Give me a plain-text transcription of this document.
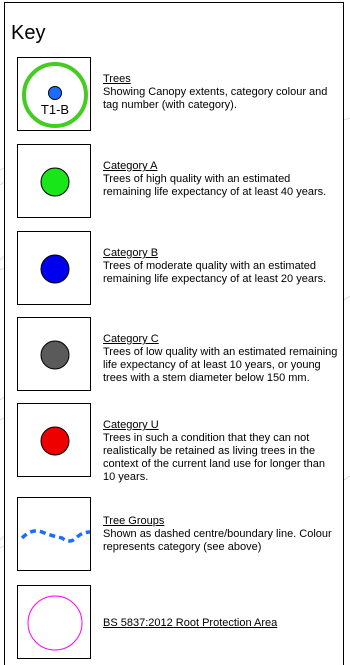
Key
T1-B
Trees
Showing Canopy extents, category colour and tag number (with category).
Category A
Trees of high quality with an estimated remaining life expectancy of at least 40 years.
Category B
Trees of moderate quality with an estimated remaining life expectancy of at least 20 years.
Category C
Trees of low quality with an estimated remaining life expectancy of at least 10 years, or young trees with a stem diameter below 150 mm.
Category U
Trees in such a condition that they can not realistically be retained as living trees in the context of the current land use for longer than 10 years.
Tree Groups
Shown as dashed centre/boundary line. Colour represents category (see above)
BS 5837:2012 Root Protection Area
